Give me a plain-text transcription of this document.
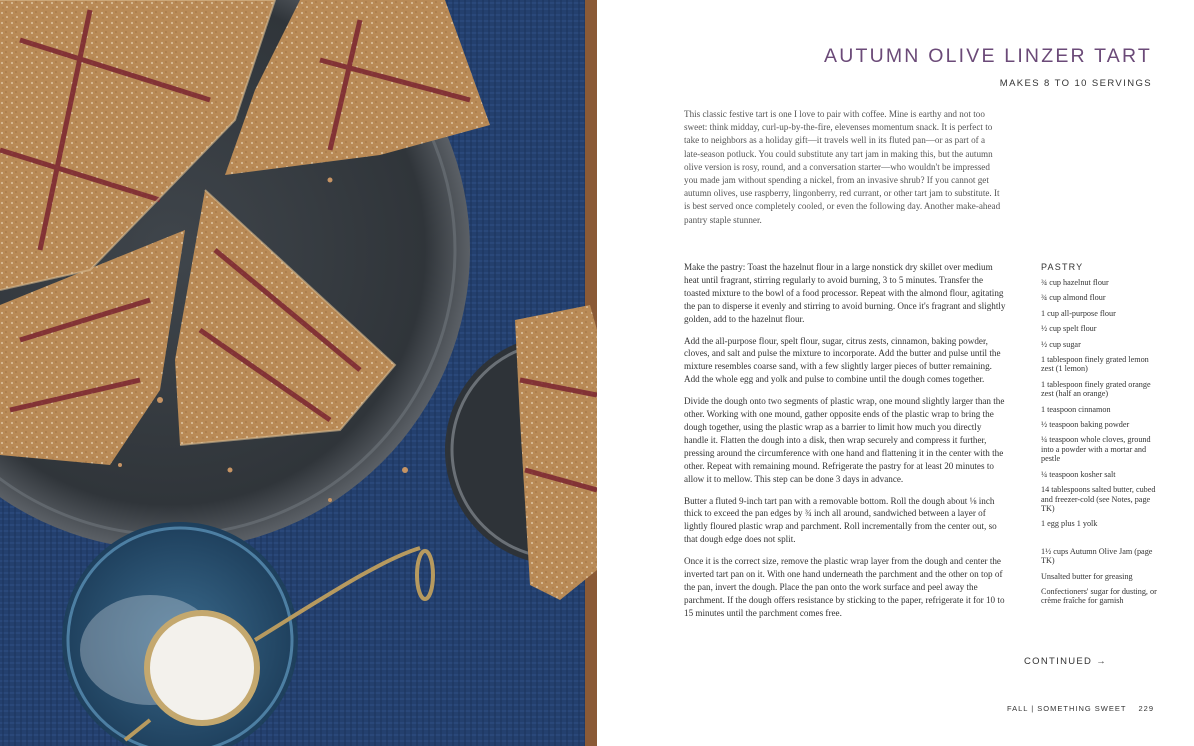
AUTUMN OLIVE LINZER TART
MAKES 8 TO 10 SERVINGS

This classic festive tart is one I love to pair with coffee. Mine is earthy and not too sweet: think midday, curl-up-by-the-fire, elevenses momentum snack. It is perfect to take to neighbors as a holiday gift—it travels well in its fluted pan—or as part of a late-season potluck. You could substitute any tart jam in making this, but the autumn olive version is rosy, round, and a conversation starter—who wouldn't be impressed you made jam without spending a nickel, from an invasive shrub? If you cannot get autumn olives, use raspberry, lingonberry, red currant, or other tart jam to substitute. It is best served once completely cooled, or even the following day. Another make-ahead pantry staple stunner.

Make the pastry: Toast the hazelnut flour in a large nonstick dry skillet over medium heat until fragrant, stirring regularly to avoid burning, 3 to 5 minutes. Transfer the toasted mixture to the bowl of a food processor. Repeat with the almond flour, agitating the pan to disperse it evenly and stirring to avoid burning. Once it's fragrant and slightly golden, add to the hazelnut flour.

Add the all-purpose flour, spelt flour, sugar, citrus zests, cinnamon, baking powder, cloves, and salt and pulse the mixture to incorporate. Add the butter and pulse until the mixture resembles coarse sand, with a few slightly larger pieces of butter remaining. Add the whole egg and yolk and pulse to combine until the dough comes together.

Divide the dough onto two segments of plastic wrap, one mound slightly larger than the other. Working with one mound, gather opposite ends of the plastic wrap to bring the dough together, using the plastic wrap as a barrier to limit how much you directly handle it. Flatten the dough into a disk, then wrap securely and compress it further, pressing around the circumference with one hand and flattening it in the center with the other. Repeat with remaining mound. Refrigerate the pastry for at least 20 minutes to allow it to mellow. This step can be done 3 days in advance.

Butter a fluted 9-inch tart pan with a removable bottom. Roll the dough about ⅛ inch thick to exceed the pan edges by ¾ inch all around, sandwiched between a layer of lightly floured plastic wrap and parchment. Roll incrementally from the center out, so that dough edge does not split.

Once it is the correct size, remove the plastic wrap layer from the dough and center the inverted tart pan on it. With one hand underneath the parchment and the other on top of the pan, invert the dough. Place the pan onto the work surface and peel away the parchment. If the dough offers resistance by sticking to the paper, refrigerate it for 10 to 15 minutes until the parchment comes free.

PASTRY
¾ cup hazelnut flour
¾ cup almond flour
1 cup all-purpose flour
½ cup spelt flour
½ cup sugar
1 tablespoon finely grated lemon zest (1 lemon)
1 tablespoon finely grated orange zest (half an orange)
1 teaspoon cinnamon
½ teaspoon baking powder
¼ teaspoon whole cloves, ground into a powder with a mortar and pestle
¼ teaspoon kosher salt
14 tablespoons salted butter, cubed and freezer-cold (see Notes, page TK)
1 egg plus 1 yolk
1½ cups Autumn Olive Jam (page TK)
Unsalted butter for greasing
Confectioners' sugar for dusting, or crème fraîche for garnish
CONTINUED →
FALL | SOMETHING SWEET 229
